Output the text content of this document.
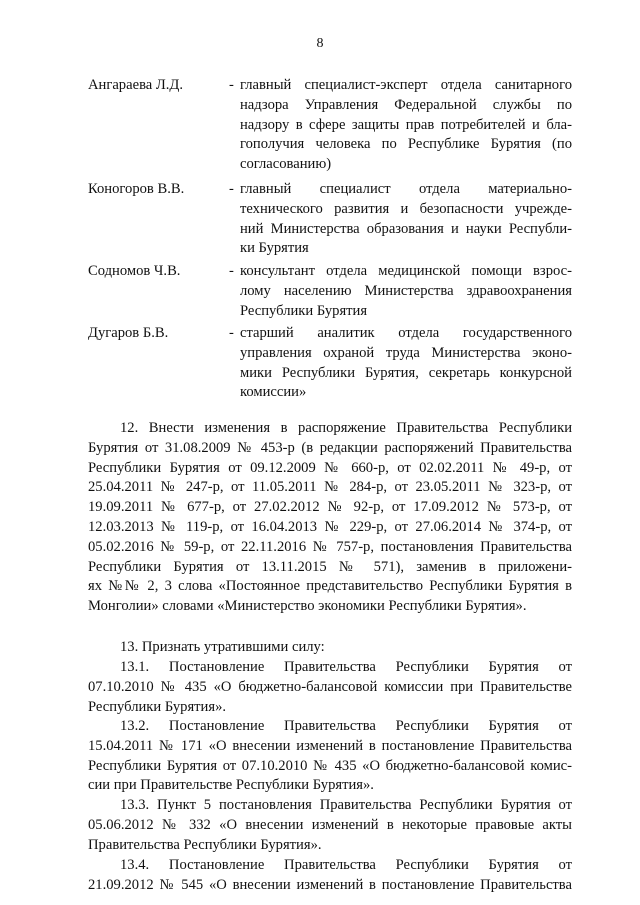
8
Ангараева Л.Д.	- главный специалист-эксперт отдела санитарного
надзора Управления Федеральной службы по
надзору в сфере защиты прав потребителей и бла-
гополучия человека по Республике Бурятия (по
согласованию)
Коногоров В.В.	- главный специалист отдела материально-
технического развития и безопасности учрежде-
ний Министерства образования и науки Республи-
ки Бурятия
Содномов Ч.В.	- консультант отдела медицинской помощи взрос-
лому населению Министерства здравоохранения
Республики Бурятия
Дугаров Б.В.	- старший аналитик отдела государственного
управления охраной труда Министерства эконо-
мики Республики Бурятия, секретарь конкурсной
комиссии»
12. Внести изменения в распоряжение Правительства Республики
Бурятия от 31.08.2009 № 453-р (в редакции распоряжений Правительства
Республики Бурятия от 09.12.2009 № 660-р, от 02.02.2011 № 49-р, от
25.04.2011 № 247-р, от 11.05.2011 № 284-р, от 23.05.2011 № 323-р, от
19.09.2011 № 677-р, от 27.02.2012 № 92-р, от 17.09.2012 № 573-р, от
12.03.2013 № 119-р, от 16.04.2013 № 229-р, от 27.06.2014 № 374-р, от
05.02.2016 № 59-р, от 22.11.2016 № 757-р, постановления Правительства
Республики Бурятия от 13.11.2015 № 571), заменив в приложени-
ях №№ 2, 3 слова «Постоянное представительство Республики Бурятия в
Монголии» словами «Министерство экономики Республики Бурятия».
13. Признать утратившими силу:
13.1. Постановление Правительства Республики Бурятия от
07.10.2010 № 435 «О бюджетно-балансовой комиссии при Правительстве
Республики Бурятия».
13.2. Постановление Правительства Республики Бурятия от
15.04.2011 № 171 «О внесении изменений в постановление Правительства
Республики Бурятия от 07.10.2010 № 435 «О бюджетно-балансовой комис-
сии при Правительстве Республики Бурятия».
13.3. Пункт 5 постановления Правительства Республики Бурятия от
05.06.2012 № 332 «О внесении изменений в некоторые правовые акты
Правительства Республики Бурятия».
13.4. Постановление Правительства Республики Бурятия от
21.09.2012 № 545 «О внесении изменений в постановление Правительства
